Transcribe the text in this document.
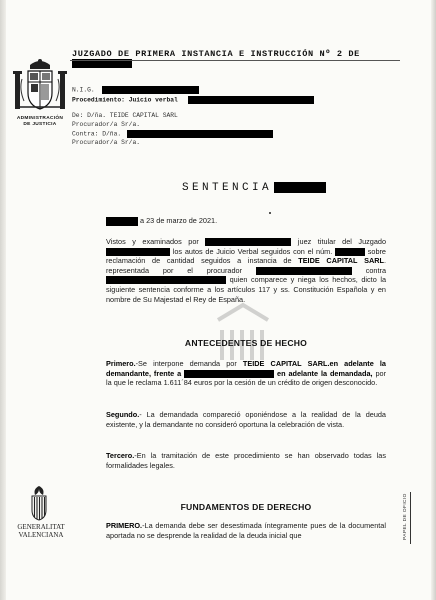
ADMINISTRACIÓN
DE JUSTICIA
JUZGADO DE PRIMERA INSTANCIA E INSTRUCCIÓN Nº 2 DE
N.I.G.
Procedimiento: Juicio verbal
De: D/ña. TEIDE CAPITAL SARL
Procurador/a Sr/a.
Contra: D/ña.
Procurador/a Sr/a.
SENTENCIA
a 23 de marzo de 2021.
Vistos y examinados por	juez titular del Juzgado  los autos de Juicio Verbal seguidos con el núm.	sobre reclamación de cantidad seguidos a instancia de TEIDE CAPITAL SARL. representada por el procurador	contra  quien comparece y niega los hechos, dicto la siguiente sentencia conforme a los artículos 117 y ss. Constitución Española y en nombre de Su Majestad el Rey de España.
ANTECEDENTES DE HECHO
Primero.-Se interpone demanda por TEIDE CAPITAL SARL.en adelante la demandante, frente a	en adelante la demandada, por la que le reclama 1.611´84 euros por la cesión de un crédito de origen desconocido.
Segundo.- La demandada compareció oponiéndose a la realidad de la deuda existente, y la demandante no consideró oportuna la celebración de vista.
Tercero.-En la tramitación de este procedimiento se han observado todas las formalidades legales.
FUNDAMENTOS DE DERECHO
PRIMERO.-La demanda debe ser desestimada íntegramente pues de la documental aportada no se desprende la realidad de la deuda inicial que
GENERALITAT
VALENCIANA	PAPEL DE OFICIO
